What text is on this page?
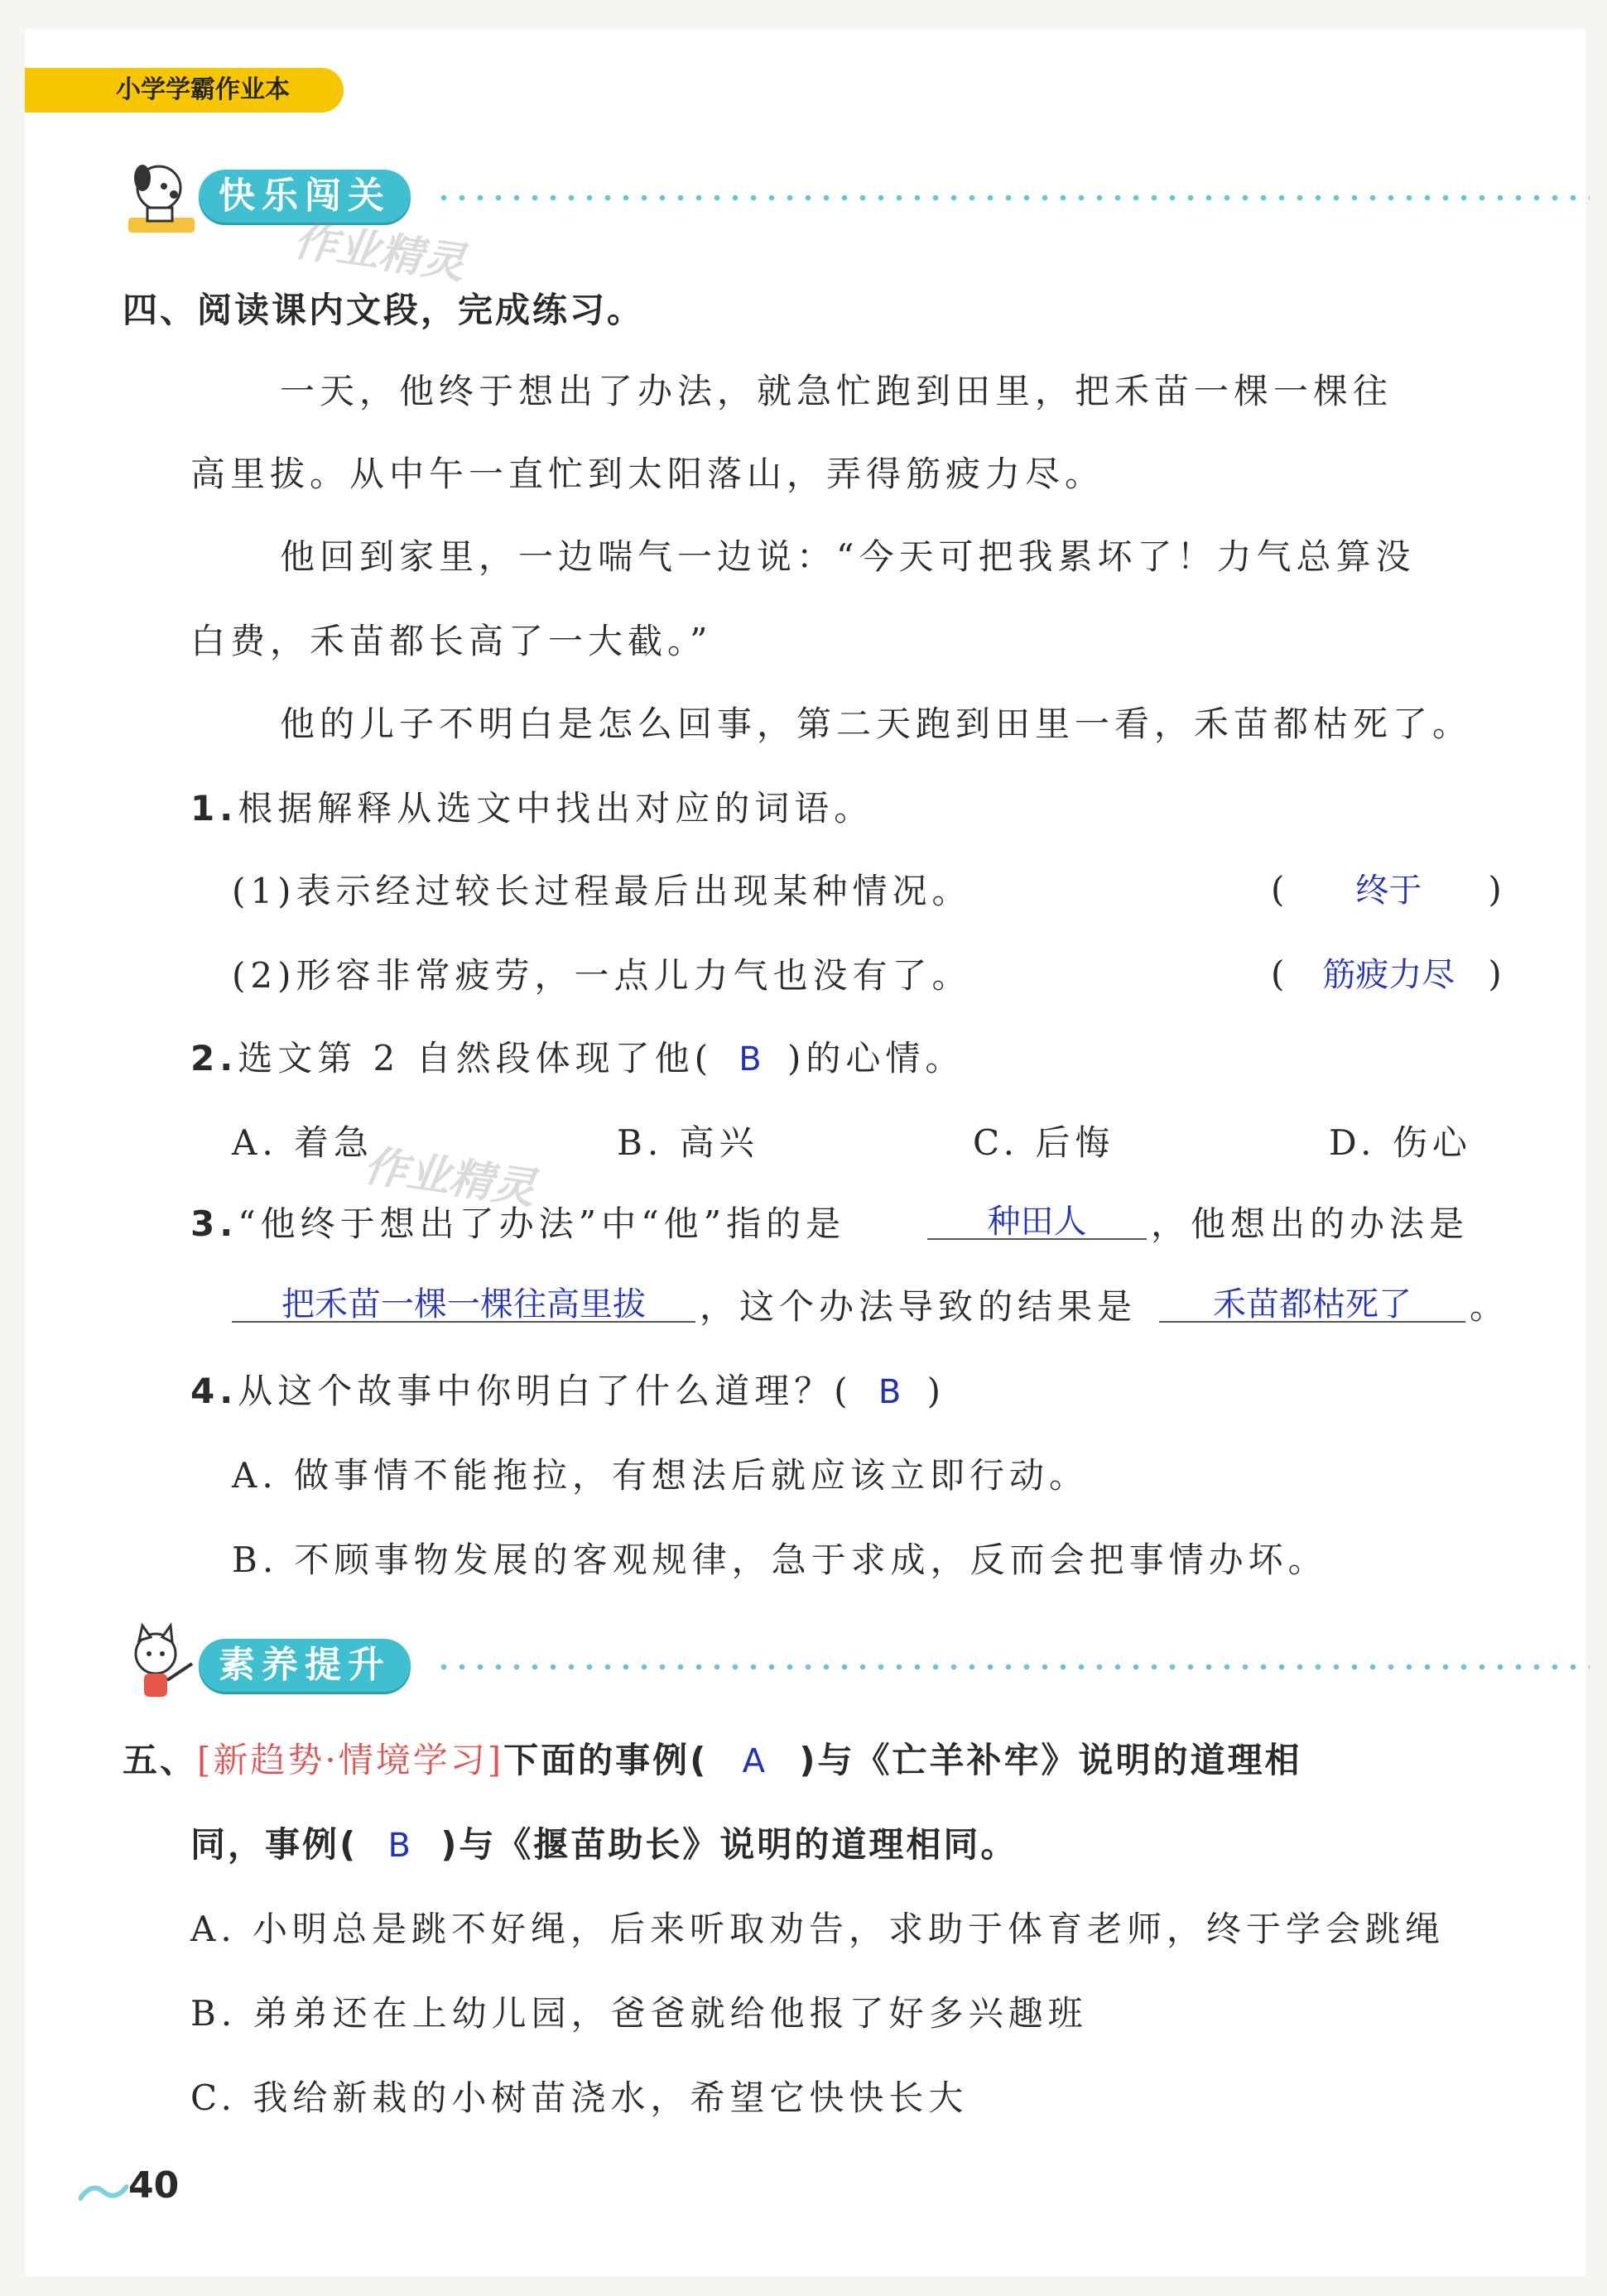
小学学霸作业本
快乐闯关
作业精灵
四、阅读课内文段，完成练习。
一天，他终于想出了办法，就急忙跑到田里，把禾苗一棵一棵往
高里拔。从中午一直忙到太阳落山，弄得筋疲力尽。
他回到家里，一边喘气一边说：“今天可把我累坏了！力气总算没
白费，禾苗都长高了一大截。”
他的儿子不明白是怎么回事，第二天跑到田里一看，禾苗都枯死了。
1.根据解释从选文中找出对应的词语。
(1)表示经过较长过程最后出现某种情况。	( 终于 )
(2)形容非常疲劳，一点儿力气也没有了。	( 筋疲力尽 )
2.选文第 2 自然段体现了他( B )的心情。
A. 着急	B. 高兴	C. 后悔	D. 伤心
作业精灵
3.“他终于想出了办法”中“他”指的是	种田人	，他想出的办法是
把禾苗一棵一棵往高里拔	，这个办法导致的结果是	禾苗都枯死了	。
4.从这个故事中你明白了什么道理？( B )
A. 做事情不能拖拉，有想法后就应该立即行动。
B. 不顾事物发展的客观规律，急于求成，反而会把事情办坏。
素养提升
五、[新趋势·情境学习]下面的事例( A )与《亡羊补牢》说明的道理相
同，事例( B )与《揠苗助长》说明的道理相同。
A. 小明总是跳不好绳，后来听取劝告，求助于体育老师，终于学会跳绳
B. 弟弟还在上幼儿园，爸爸就给他报了好多兴趣班
C. 我给新栽的小树苗浇水，希望它快快长大
40
